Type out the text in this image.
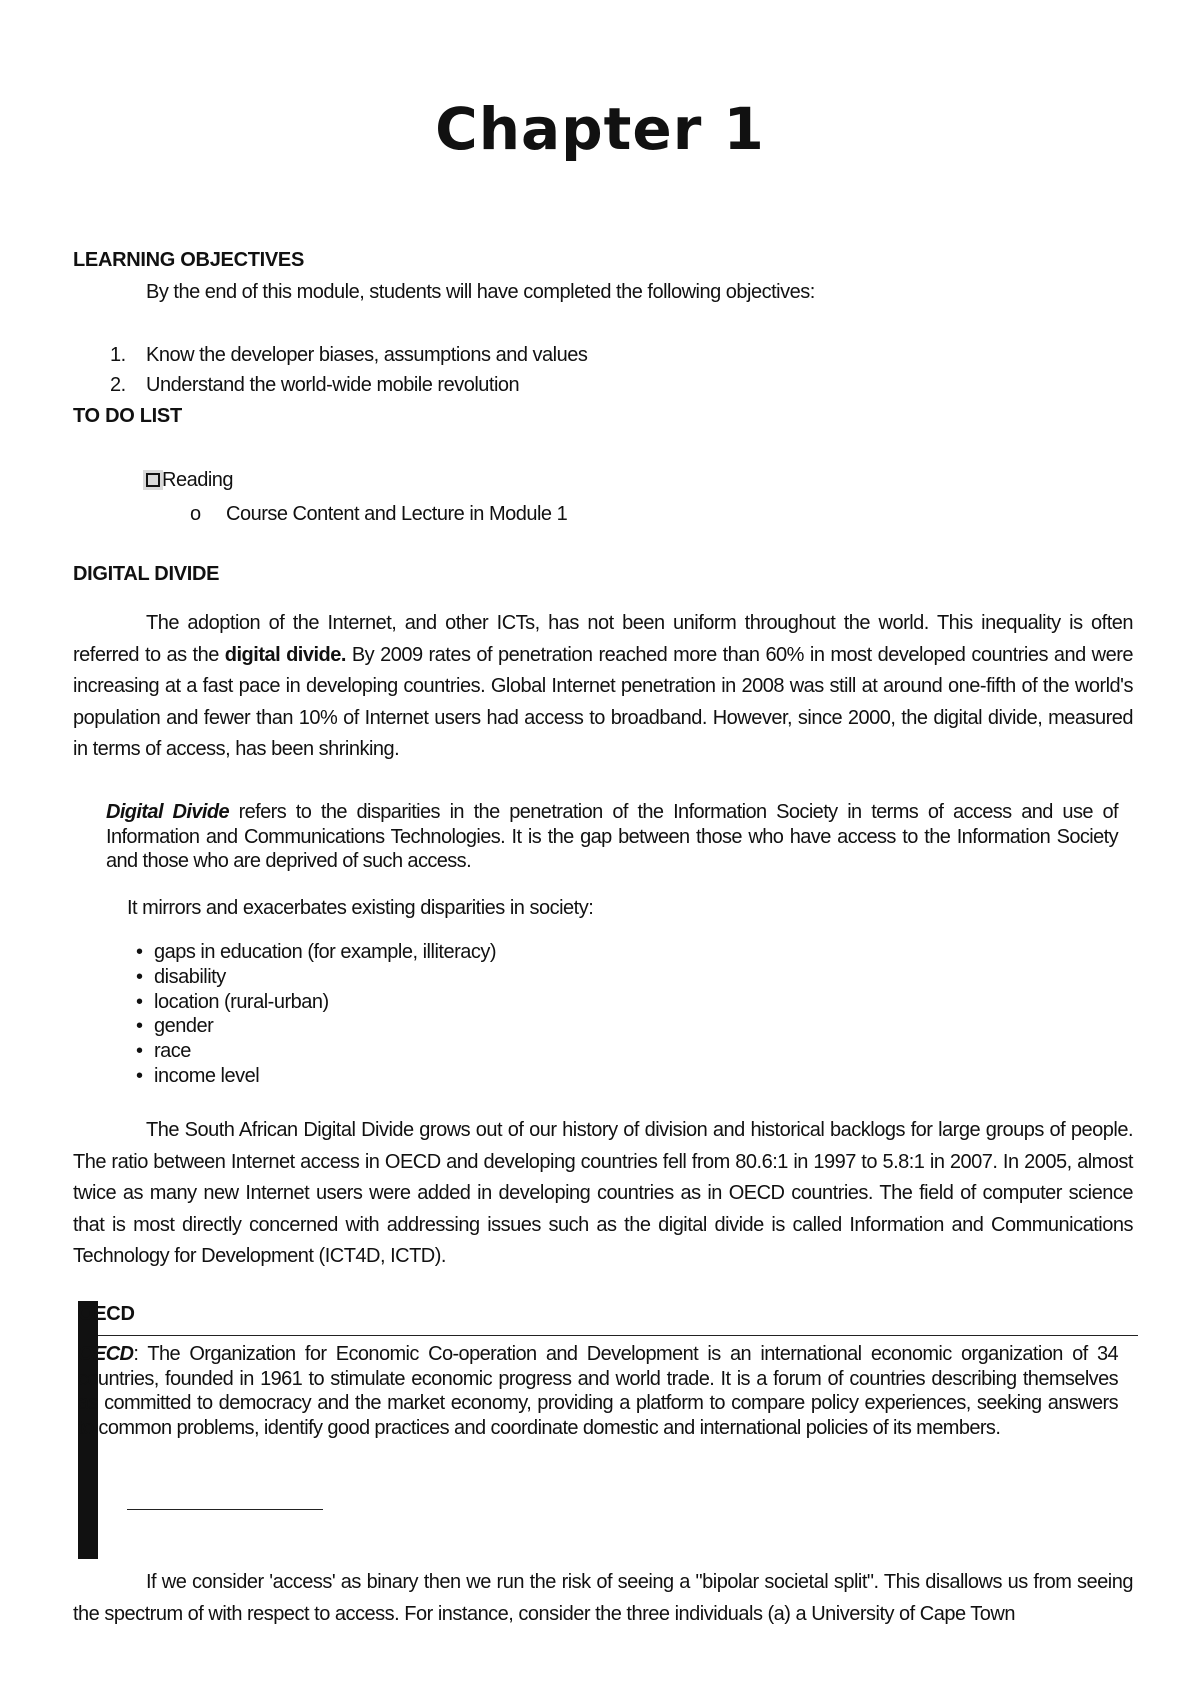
Chapter 1
LEARNING OBJECTIVES
By the end of this module, students will have completed the following objectives:
1. Know the developer biases, assumptions and values
2. Understand the world-wide mobile revolution
TO DO LIST
Reading
o Course Content and Lecture in Module 1
DIGITAL DIVIDE
The adoption of the Internet, and other ICTs, has not been uniform throughout the world. This inequality is often referred to as the digital divide. By 2009 rates of penetration reached more than 60% in most developed countries and were increasing at a fast pace in developing countries. Global Internet penetration in 2008 was still at around one-fifth of the world's population and fewer than 10% of Internet users had access to broadband. However, since 2000, the digital divide, measured in terms of access, has been shrinking.
Digital Divide refers to the disparities in the penetration of the Information Society in terms of access and use of Information and Communications Technologies. It is the gap between those who have access to the Information Society and those who are deprived of such access.
It mirrors and exacerbates existing disparities in society:
• gaps in education (for example, illiteracy)
• disability
• location (rural-urban)
• gender
• race
• income level
The South African Digital Divide grows out of our history of division and historical backlogs for large groups of people. The ratio between Internet access in OECD and developing countries fell from 80.6:1 in 1997 to 5.8:1 in 2007. In 2005, almost twice as many new Internet users were added in developing countries as in OECD countries. The field of computer science that is most directly concerned with addressing issues such as the digital divide is called Information and Communications Technology for Development (ICT4D, ICTD).
OECD
OECD: The Organization for Economic Co-operation and Development is an international economic organization of 34 countries, founded in 1961 to stimulate economic progress and world trade. It is a forum of countries describing themselves as committed to democracy and the market economy, providing a platform to compare policy experiences, seeking answers to common problems, identify good practices and coordinate domestic and international policies of its members.
If we consider 'access' as binary then we run the risk of seeing a "bipolar societal split". This disallows us from seeing the spectrum of with respect to access. For instance, consider the three individuals (a) a University of Cape Town
